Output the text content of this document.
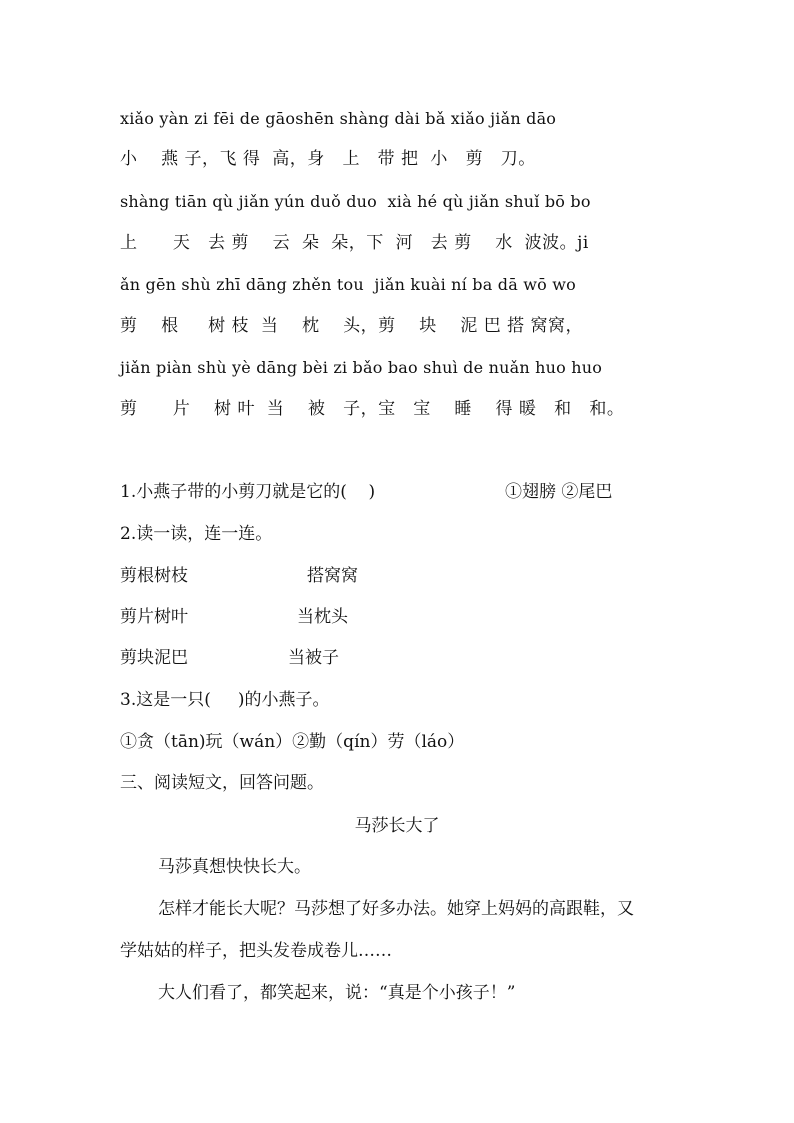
xiǎo yàn zi fēi de gāoshēn shàng dài bǎ xiǎo jiǎn dāo
小    燕 子，飞 得  高，身   上   带 把  小   剪   刀。
shàng tiān qù jiǎn yún duǒ duo  xià hé qù jiǎn shuǐ bō bo
上      天   去 剪    云  朵  朵，下  河   去 剪    水  波波。ji
ǎn gēn shù zhī dāng zhěn tou  jiǎn kuài ní ba dā wō wo
剪    根     树 枝  当    枕    头，剪    块    泥 巴 搭 窝窝，
jiǎn piàn shù yè dāng bèi zi bǎo bao shuì de nuǎn huo huo
剪      片    树 叶  当    被   子，宝   宝    睡    得 暖   和   和。
1.小燕子带的小剪刀就是它的(    )	①翅膀 ②尾巴
2.读一读，连一连。
剪根树枝	搭窝窝
剪片树叶	当枕头
剪块泥巴	当被子
3.这是一只(     )的小燕子。
①贪（tān)玩（wán）②勤（qín）劳（láo）
三、阅读短文，回答问题。
马莎长大了
马莎真想快快长大。
怎样才能长大呢？马莎想了好多办法。她穿上妈妈的高跟鞋，又
学姑姑的样子，把头发卷成卷儿……
大人们看了，都笑起来，说：“真是个小孩子！”
